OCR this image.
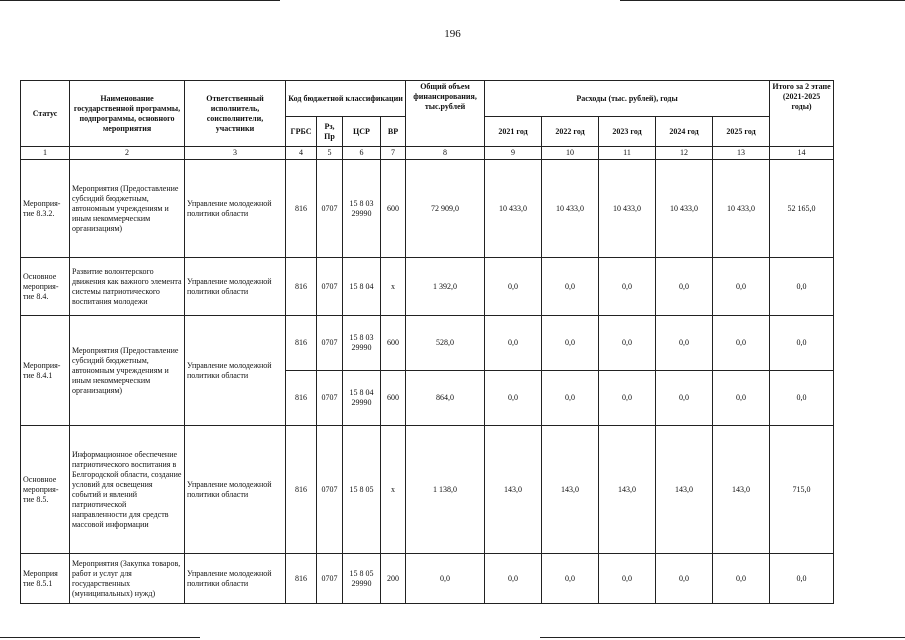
196
Статус	Наименование государственной программы, подпрограммы, основного мероприятия	Ответственный исполнитель, соисполнители, участники	Код бюджетной классификации				Общий объем финансирования, тыс.рублей	Расходы (тыс. рублей), годы					Итого за 2 этапе (2021-2025 годы)
			ГРБС	Рз, Пр	ЦСР	ВР		2021 год	2022 год	2023 год	2024 год	2025 год	
1	2	3	4	5	6	7	8	9	10	11	12	13	14
Мероприя-тие 8.3.2.	Мероприятия (Предоставление субсидий бюджетным, автономным учреждениям и иным некоммерческим организациям)	Управление молодежной политики области	816	0707	15 8 03 29990	600	72 909,0	10 433,0	10 433,0	10 433,0	10 433,0	10 433,0	52 165,0
Основное мероприя-тие 8.4.	Развитие волонтерского движения как важного элемента системы патриотического воспитания молодежи	Управление молодежной политики области	816	0707	15 8 04	х	1 392,0	0,0	0,0	0,0	0,0	0,0	0,0
Мероприя-тие 8.4.1	Мероприятия (Предоставление субсидий бюджетным, автономным учреждениям и иным некоммерческим организациям)	Управление молодежной политики области	816	0707	15 8 03 29990	600	528,0	0,0	0,0	0,0	0,0	0,0	0,0
			816	0707	15 8 04 29990	600	864,0	0,0	0,0	0,0	0,0	0,0	0,0
Основное мероприя-тие 8.5.	Информационное обеспечение патриотического воспитания в Белгородской области, создание условий для освещения событий и явлений патриотической направленности для средств массовой информации	Управление молодежной политики области	816	0707	15 8 05	х	1 138,0	143,0	143,0	143,0	143,0	143,0	715,0
Мероприя тие 8.5.1	Мероприятия (Закупка товаров, работ и услуг для государственных (муниципальных) нужд)	Управление молодежной политики области	816	0707	15 8 05 29990	200	0,0	0,0	0,0	0,0	0,0	0,0	0,0
